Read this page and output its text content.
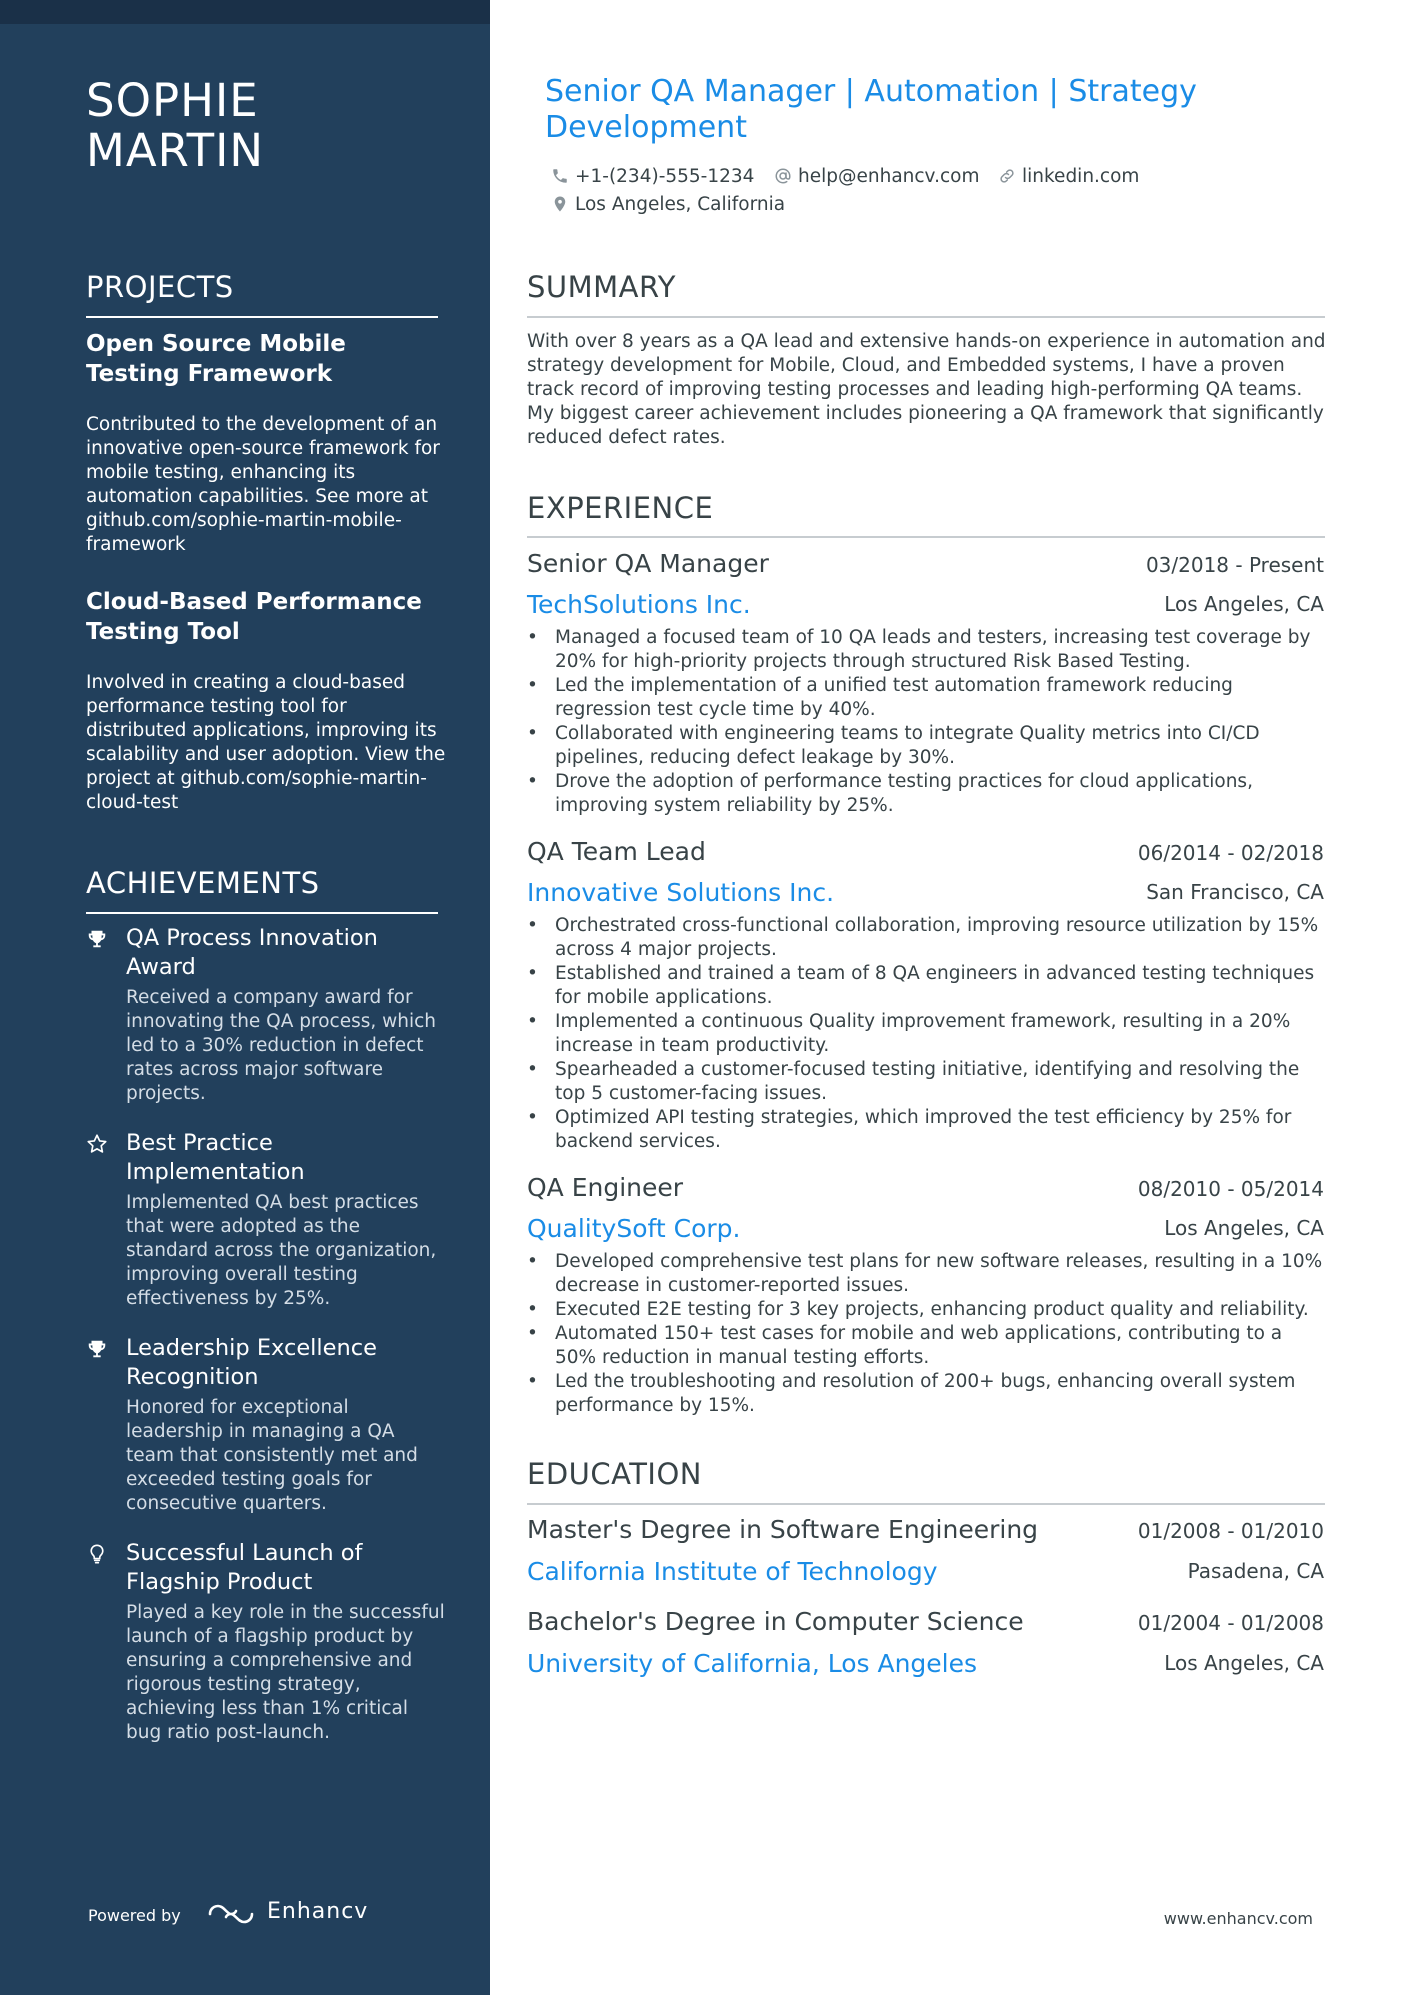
SOPHIE
MARTIN
PROJECTS
Open Source Mobile Testing Framework
Contributed to the development of an innovative open-source framework for mobile testing, enhancing its automation capabilities. See more at github.com/sophie-martin-mobile-framework
Cloud-Based Performance Testing Tool
Involved in creating a cloud-based performance testing tool for distributed applications, improving its scalability and user adoption. View the project at github.com/sophie-martin-cloud-test
ACHIEVEMENTS
QA Process Innovation Award
Received a company award for innovating the QA process, which led to a 30% reduction in defect rates across major software projects.
Best Practice Implementation
Implemented QA best practices that were adopted as the standard across the organization, improving overall testing effectiveness by 25%.
Leadership Excellence Recognition
Honored for exceptional leadership in managing a QA team that consistently met and exceeded testing goals for consecutive quarters.
Successful Launch of Flagship Product
Played a key role in the successful launch of a flagship product by ensuring a comprehensive and rigorous testing strategy, achieving less than 1% critical bug ratio post-launch.
Powered by	Enhancv
Senior QA Manager | Automation | Strategy Development
+1-(234)-555-1234	help@enhancv.com	linkedin.com
Los Angeles, California
SUMMARY
With over 8 years as a QA lead and extensive hands-on experience in automation and strategy development for Mobile, Cloud, and Embedded systems, I have a proven track record of improving testing processes and leading high-performing QA teams. My biggest career achievement includes pioneering a QA framework that significantly reduced defect rates.
EXPERIENCE
Senior QA Manager	03/2018 - Present
TechSolutions Inc.	Los Angeles, CA
• Managed a focused team of 10 QA leads and testers, increasing test coverage by 20% for high-priority projects through structured Risk Based Testing.
• Led the implementation of a unified test automation framework reducing regression test cycle time by 40%.
• Collaborated with engineering teams to integrate Quality metrics into CI/CD pipelines, reducing defect leakage by 30%.
• Drove the adoption of performance testing practices for cloud applications, improving system reliability by 25%.
QA Team Lead	06/2014 - 02/2018
Innovative Solutions Inc.	San Francisco, CA
• Orchestrated cross-functional collaboration, improving resource utilization by 15% across 4 major projects.
• Established and trained a team of 8 QA engineers in advanced testing techniques for mobile applications.
• Implemented a continuous Quality improvement framework, resulting in a 20% increase in team productivity.
• Spearheaded a customer-focused testing initiative, identifying and resolving the top 5 customer-facing issues.
• Optimized API testing strategies, which improved the test efficiency by 25% for backend services.
QA Engineer	08/2010 - 05/2014
QualitySoft Corp.	Los Angeles, CA
• Developed comprehensive test plans for new software releases, resulting in a 10% decrease in customer-reported issues.
• Executed E2E testing for 3 key projects, enhancing product quality and reliability.
• Automated 150+ test cases for mobile and web applications, contributing to a 50% reduction in manual testing efforts.
• Led the troubleshooting and resolution of 200+ bugs, enhancing overall system performance by 15%.
EDUCATION
Master's Degree in Software Engineering	01/2008 - 01/2010
California Institute of Technology	Pasadena, CA
Bachelor's Degree in Computer Science	01/2004 - 01/2008
University of California, Los Angeles	Los Angeles, CA
www.enhancv.com
